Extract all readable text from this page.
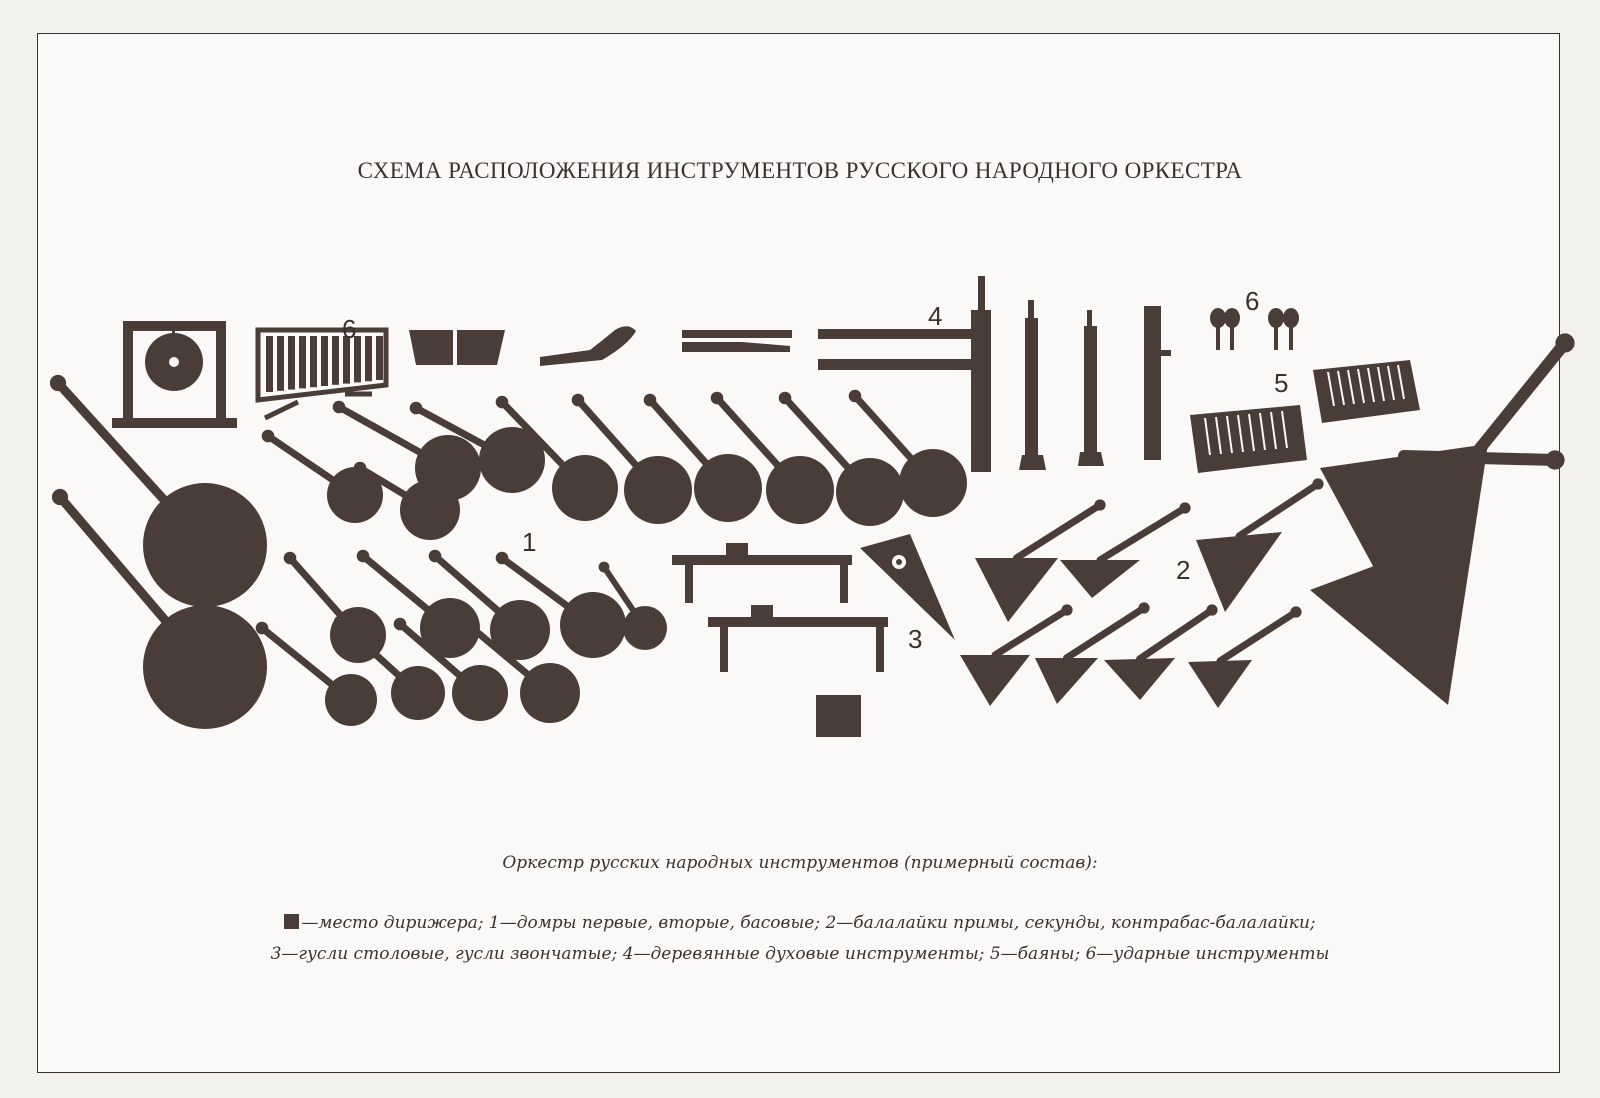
СХЕМА РАСПОЛОЖЕНИЯ ИНСТРУМЕНТОВ РУССКОГО НАРОДНОГО ОРКЕСТРА
1
2
3
4
5
6
6
Оркестр русских народных инструментов (примерный состав):
—место дирижера; 1—домры первые, вторые, басовые; 2—балалайки примы, секунды, контрабас-балалайки;
3—гусли столовые, гусли звончатые; 4—деревянные духовые инструменты; 5—баяны; 6—ударные инструменты
